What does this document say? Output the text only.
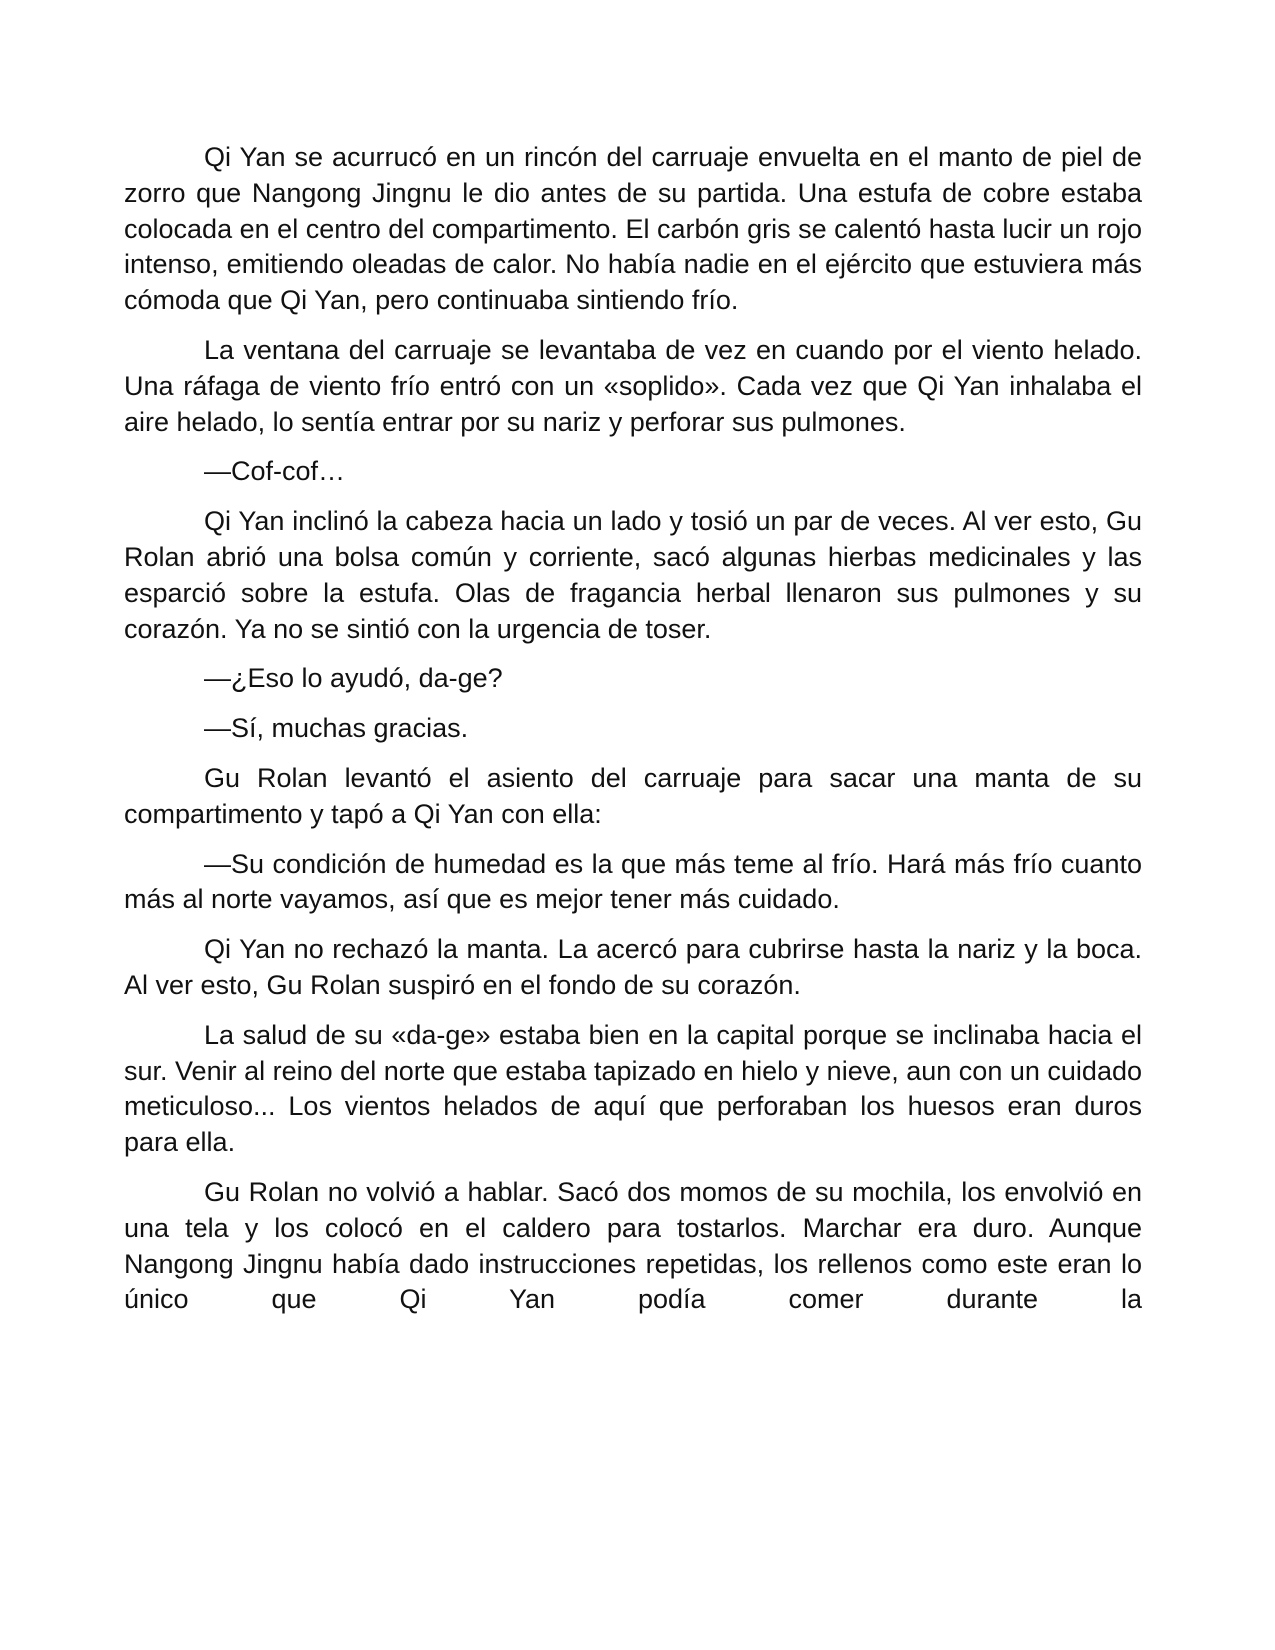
Qi Yan se acurrucó en un rincón del carruaje envuelta en el manto de piel de zorro que Nangong Jingnu le dio antes de su partida. Una estufa de cobre estaba colocada en el centro del compartimento. El carbón gris se calentó hasta lucir un rojo intenso, emitiendo oleadas de calor. No había nadie en el ejército que estuviera más cómoda que Qi Yan, pero continuaba sintiendo frío.

La ventana del carruaje se levantaba de vez en cuando por el viento helado. Una ráfaga de viento frío entró con un «soplido». Cada vez que Qi Yan inhalaba el aire helado, lo sentía entrar por su nariz y perforar sus pulmones.

—Cof-cof…

Qi Yan inclinó la cabeza hacia un lado y tosió un par de veces. Al ver esto, Gu Rolan abrió una bolsa común y corriente, sacó algunas hierbas medicinales y las esparció sobre la estufa. Olas de fragancia herbal llenaron sus pulmones y su corazón. Ya no se sintió con la urgencia de toser.

—¿Eso lo ayudó, da-ge?

—Sí, muchas gracias.

Gu Rolan levantó el asiento del carruaje para sacar una manta de su compartimento y tapó a Qi Yan con ella:

—Su condición de humedad es la que más teme al frío. Hará más frío cuanto más al norte vayamos, así que es mejor tener más cuidado.

Qi Yan no rechazó la manta. La acercó para cubrirse hasta la nariz y la boca. Al ver esto, Gu Rolan suspiró en el fondo de su corazón.

La salud de su «da-ge» estaba bien en la capital porque se inclinaba hacia el sur. Venir al reino del norte que estaba tapizado en hielo y nieve, aun con un cuidado meticuloso... Los vientos helados de aquí que perforaban los huesos eran duros para ella.

Gu Rolan no volvió a hablar. Sacó dos momos de su mochila, los envolvió en una tela y los colocó en el caldero para tostarlos. Marchar era duro. Aunque Nangong Jingnu había dado instrucciones repetidas, los rellenos como este eran lo único que Qi Yan podía comer durante la
